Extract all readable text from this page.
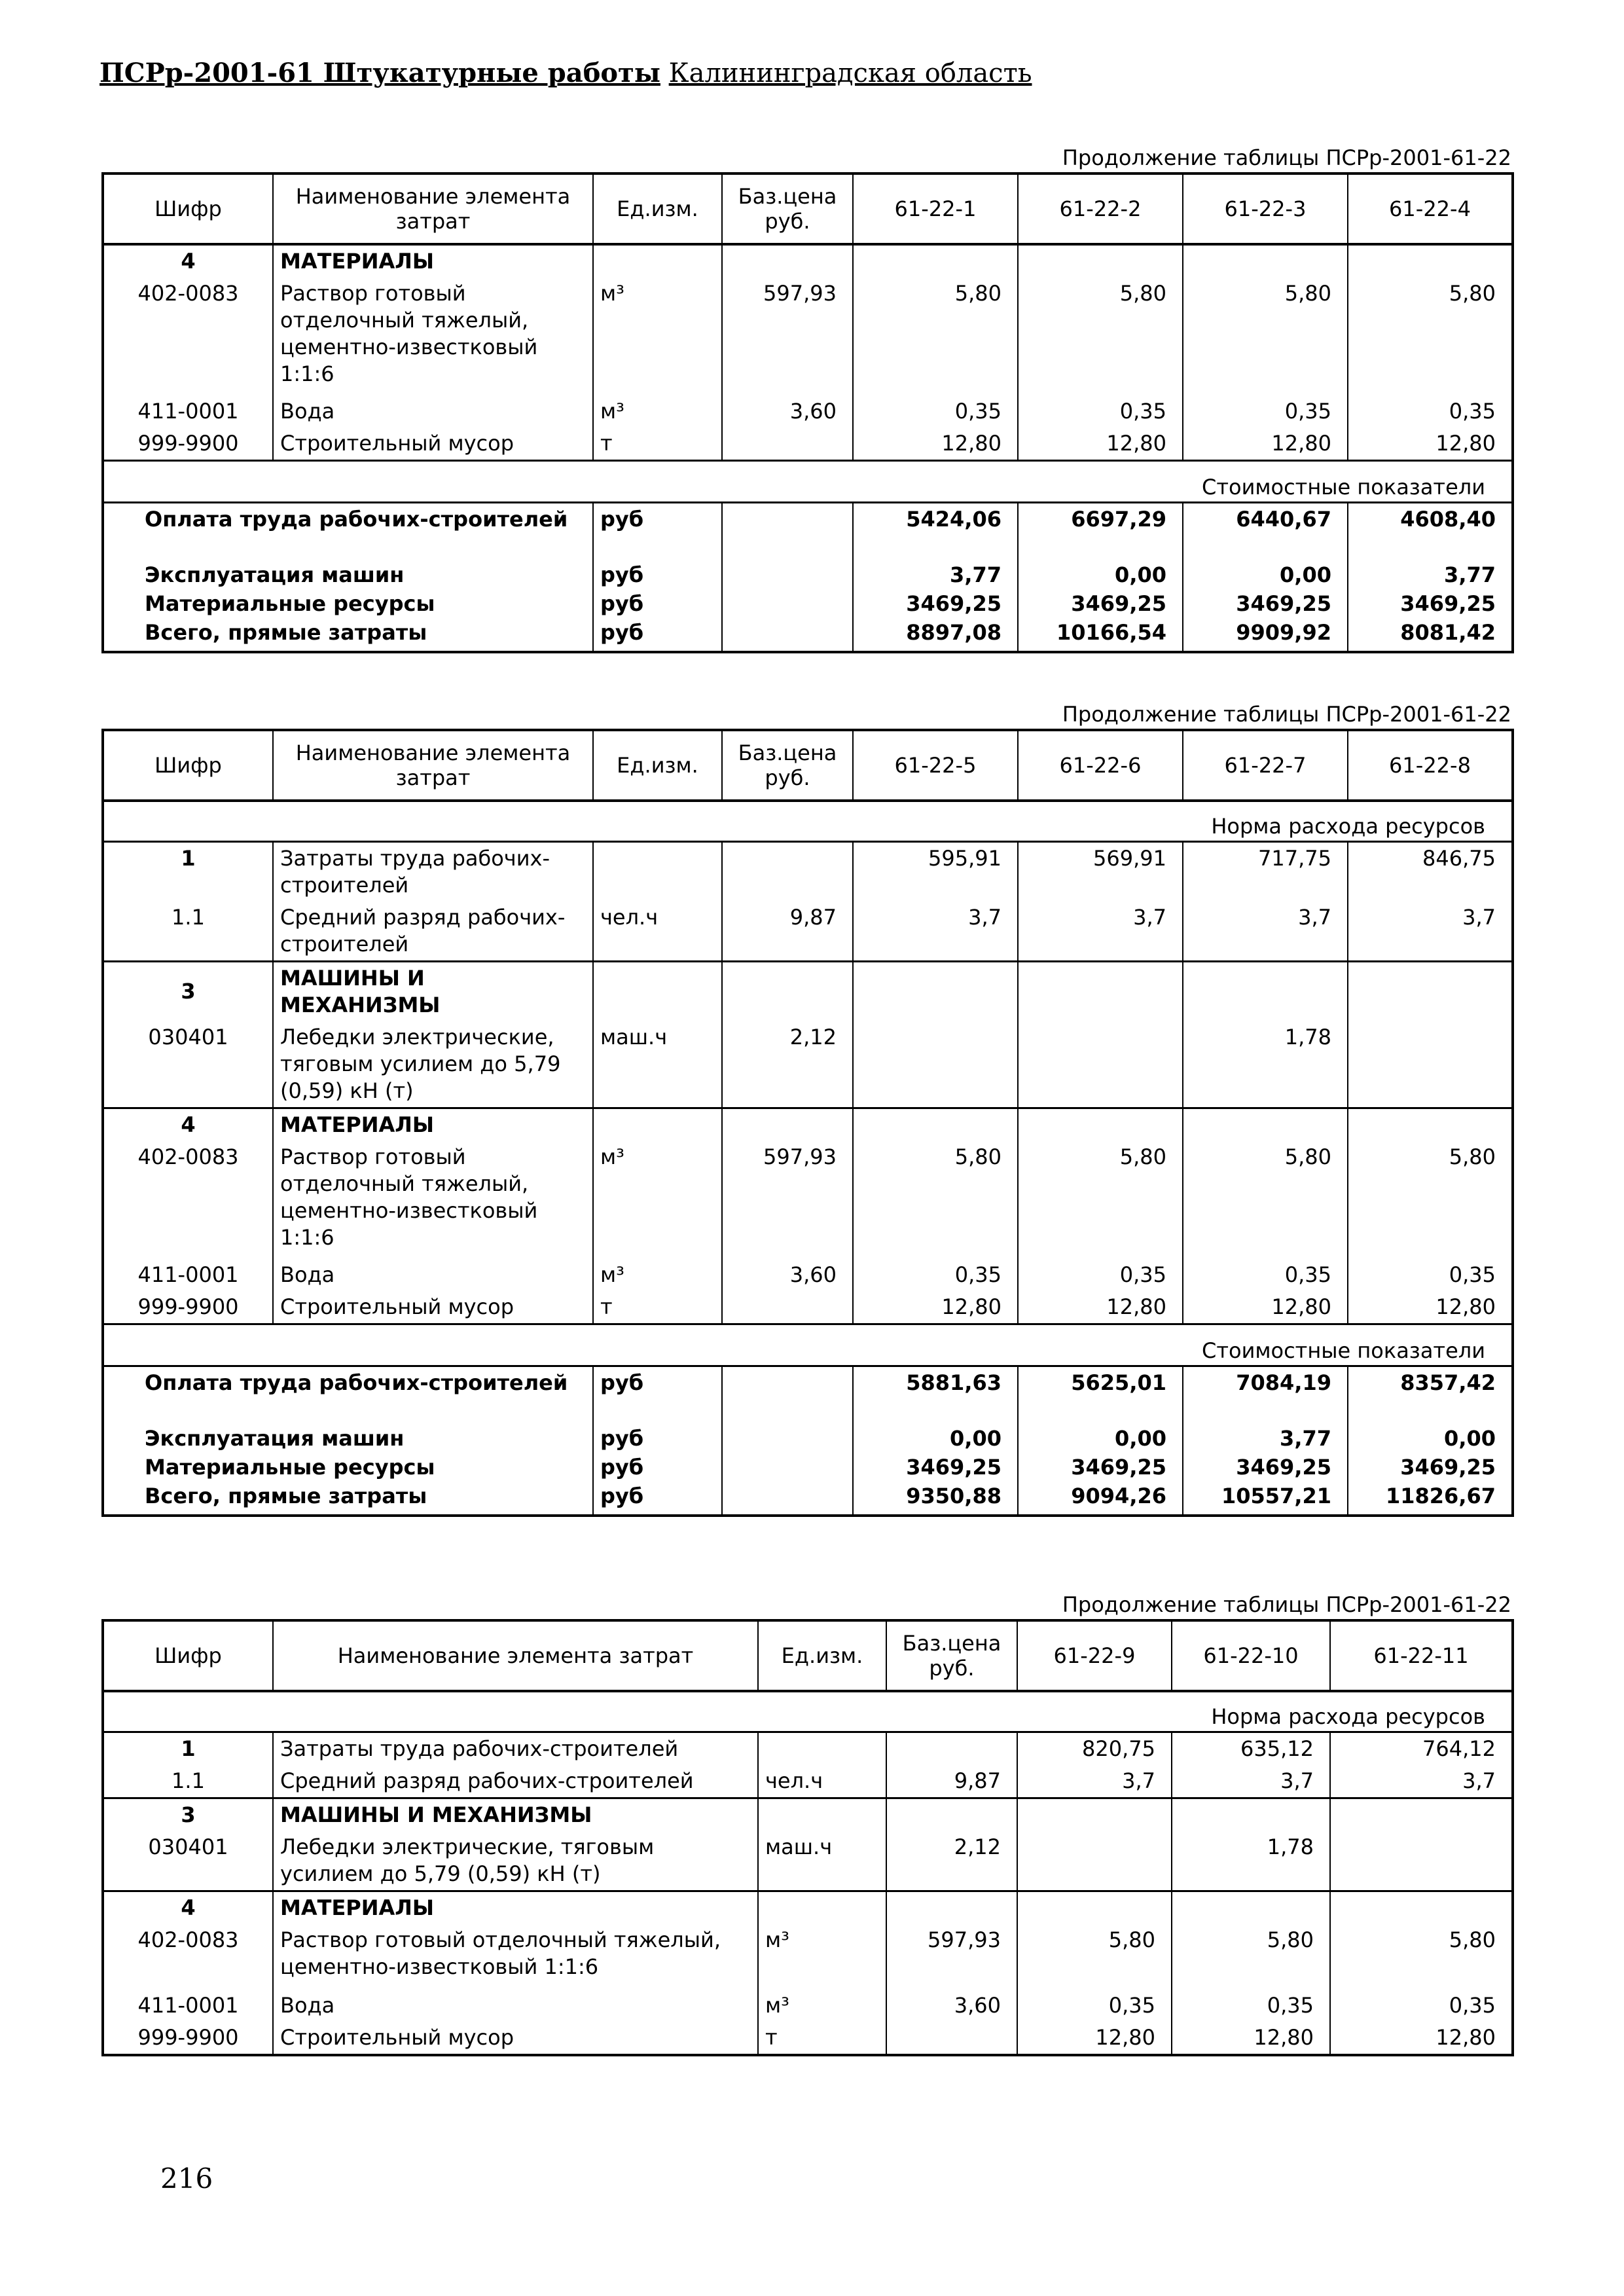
ПСРр-2001-61 Штукатурные работы Калининградская область
Продолжение таблицы ПСРр-2001-61-22
Шифр	Наименование элемента затрат	Ед.изм.	Баз.цена руб.	61-22-1	61-22-2	61-22-3	61-22-4
4	МАТЕРИАЛЫ						
402-0083	Раствор готовый отделочный тяжелый, цементно-известковый 1:1:6	м³	597,93	5,80	5,80	5,80	5,80
411-0001	Вода	м³	3,60	0,35	0,35	0,35	0,35
999-9900	Строительный мусор	т		12,80	12,80	12,80	12,80
Стоимостные показатели							
Оплата труда рабочих-строителей		руб		5424,06	6697,29	6440,67	4608,40
Эксплуатация машин		руб		3,77	0,00	0,00	3,77
Материальные ресурсы		руб		3469,25	3469,25	3469,25	3469,25
Всего, прямые затраты		руб		8897,08	10166,54	9909,92	8081,42
Продолжение таблицы ПСРр-2001-61-22
Шифр	Наименование элемента затрат	Ед.изм.	Баз.цена руб.	61-22-5	61-22-6	61-22-7	61-22-8
Норма расхода ресурсов							
1	Затраты труда рабочих-строителей			595,91	569,91	717,75	846,75
1.1	Средний разряд рабочих-строителей	чел.ч	9,87	3,7	3,7	3,7	3,7
3	МАШИНЫ И МЕХАНИЗМЫ						
030401	Лебедки электрические, тяговым усилием до 5,79 (0,59) кН (т)	маш.ч	2,12			1,78	
4	МАТЕРИАЛЫ						
402-0083	Раствор готовый отделочный тяжелый, цементно-известковый 1:1:6	м³	597,93	5,80	5,80	5,80	5,80
411-0001	Вода	м³	3,60	0,35	0,35	0,35	0,35
999-9900	Строительный мусор	т		12,80	12,80	12,80	12,80
Стоимостные показатели							
Оплата труда рабочих-строителей		руб		5881,63	5625,01	7084,19	8357,42
Эксплуатация машин		руб		0,00	0,00	3,77	0,00
Материальные ресурсы		руб		3469,25	3469,25	3469,25	3469,25
Всего, прямые затраты		руб		9350,88	9094,26	10557,21	11826,67
Продолжение таблицы ПСРр-2001-61-22
Шифр	Наименование элемента затрат	Ед.изм.	Баз.цена руб.	61-22-9	61-22-10	61-22-11
Норма расхода ресурсов						
1	Затраты труда рабочих-строителей			820,75	635,12	764,12
1.1	Средний разряд рабочих-строителей	чел.ч	9,87	3,7	3,7	3,7
3	МАШИНЫ И МЕХАНИЗМЫ					
030401	Лебедки электрические, тяговым усилием до 5,79 (0,59) кН (т)	маш.ч	2,12		1,78	
4	МАТЕРИАЛЫ					
402-0083	Раствор готовый отделочный тяжелый, цементно-известковый 1:1:6	м³	597,93	5,80	5,80	5,80
411-0001	Вода	м³	3,60	0,35	0,35	0,35
999-9900	Строительный мусор	т		12,80	12,80	12,80
216
